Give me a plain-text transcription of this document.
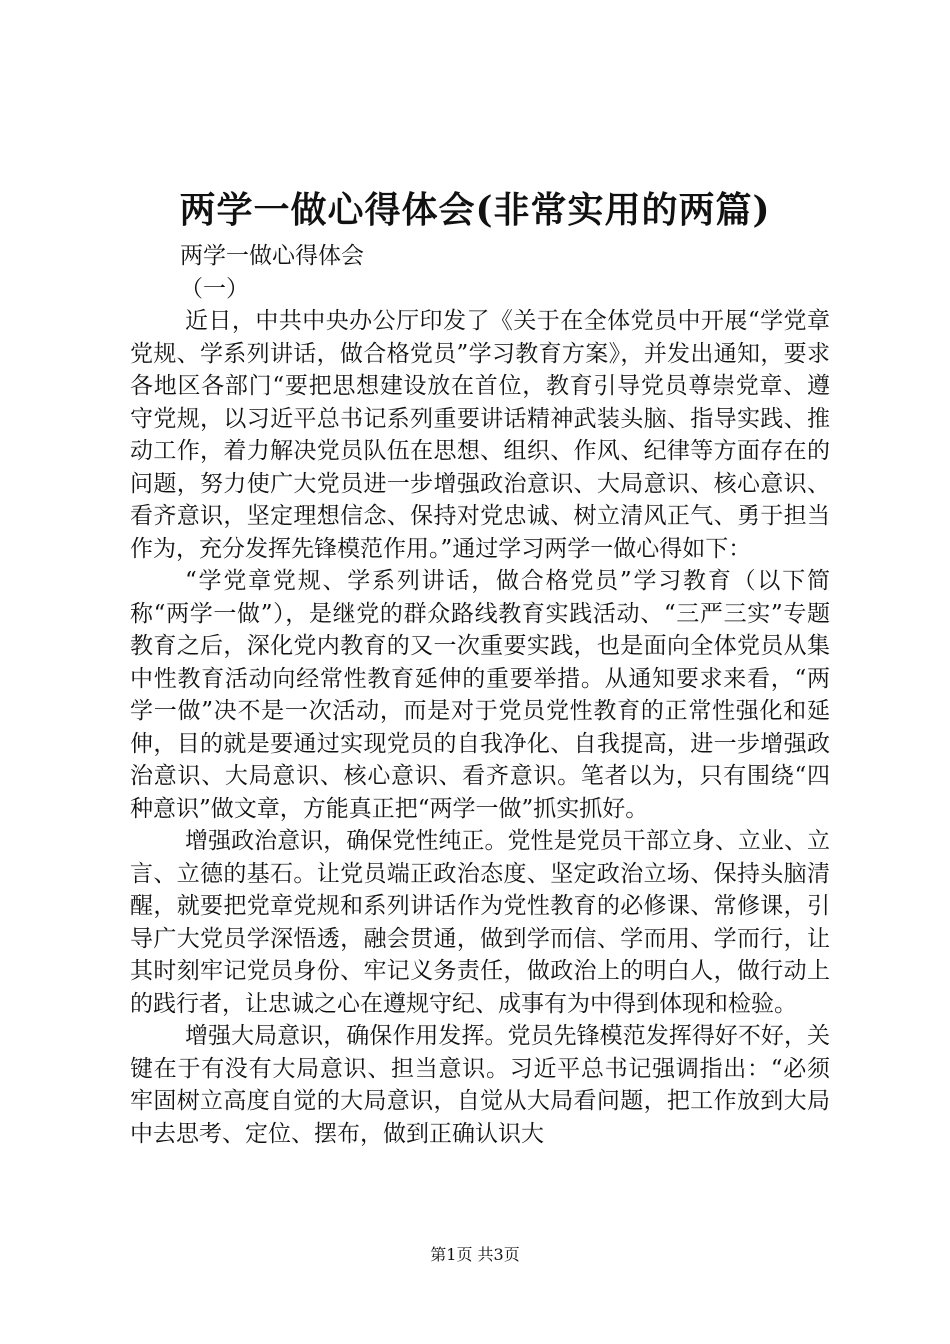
两学一做心得体会(非常实用的两篇)

两学一做心得体会

（一）

近日，中共中央办公厅印发了《关于在全体党员中开展“学党章党规、学系列讲话，做合格党员”学习教育方案》，并发出通知，要求各地区各部门“要把思想建设放在首位，教育引导党员尊崇党章、遵守党规，以习近平总书记系列重要讲话精神武装头脑、指导实践、推动工作，着力解决党员队伍在思想、组织、作风、纪律等方面存在的问题，努力使广大党员进一步增强政治意识、大局意识、核心意识、看齐意识，坚定理想信念、保持对党忠诚、树立清风正气、勇于担当作为，充分发挥先锋模范作用。”通过学习两学一做心得如下：

“学党章党规、学系列讲话，做合格党员”学习教育（以下简称“两学一做”），是继党的群众路线教育实践活动、“三严三实”专题教育之后，深化党内教育的又一次重要实践，也是面向全体党员从集中性教育活动向经常性教育延伸的重要举措。从通知要求来看，“两学一做”决不是一次活动，而是对于党员党性教育的正常性强化和延伸，目的就是要通过实现党员的自我净化、自我提高，进一步增强政治意识、大局意识、核心意识、看齐意识。笔者以为，只有围绕“四种意识”做文章，方能真正把“两学一做”抓实抓好。

增强政治意识，确保党性纯正。党性是党员干部立身、立业、立言、立德的基石。让党员端正政治态度、坚定政治立场、保持头脑清醒，就要把党章党规和系列讲话作为党性教育的必修课、常修课，引导广大党员学深悟透，融会贯通，做到学而信、学而用、学而行，让其时刻牢记党员身份、牢记义务责任，做政治上的明白人，做行动上的践行者，让忠诚之心在遵规守纪、成事有为中得到体现和检验。

增强大局意识，确保作用发挥。党员先锋模范发挥得好不好，关键在于有没有大局意识、担当意识。习近平总书记强调指出：“必须牢固树立高度自觉的大局意识，自觉从大局看问题，把工作放到大局中去思考、定位、摆布，做到正确认识大

第1页 共3页
